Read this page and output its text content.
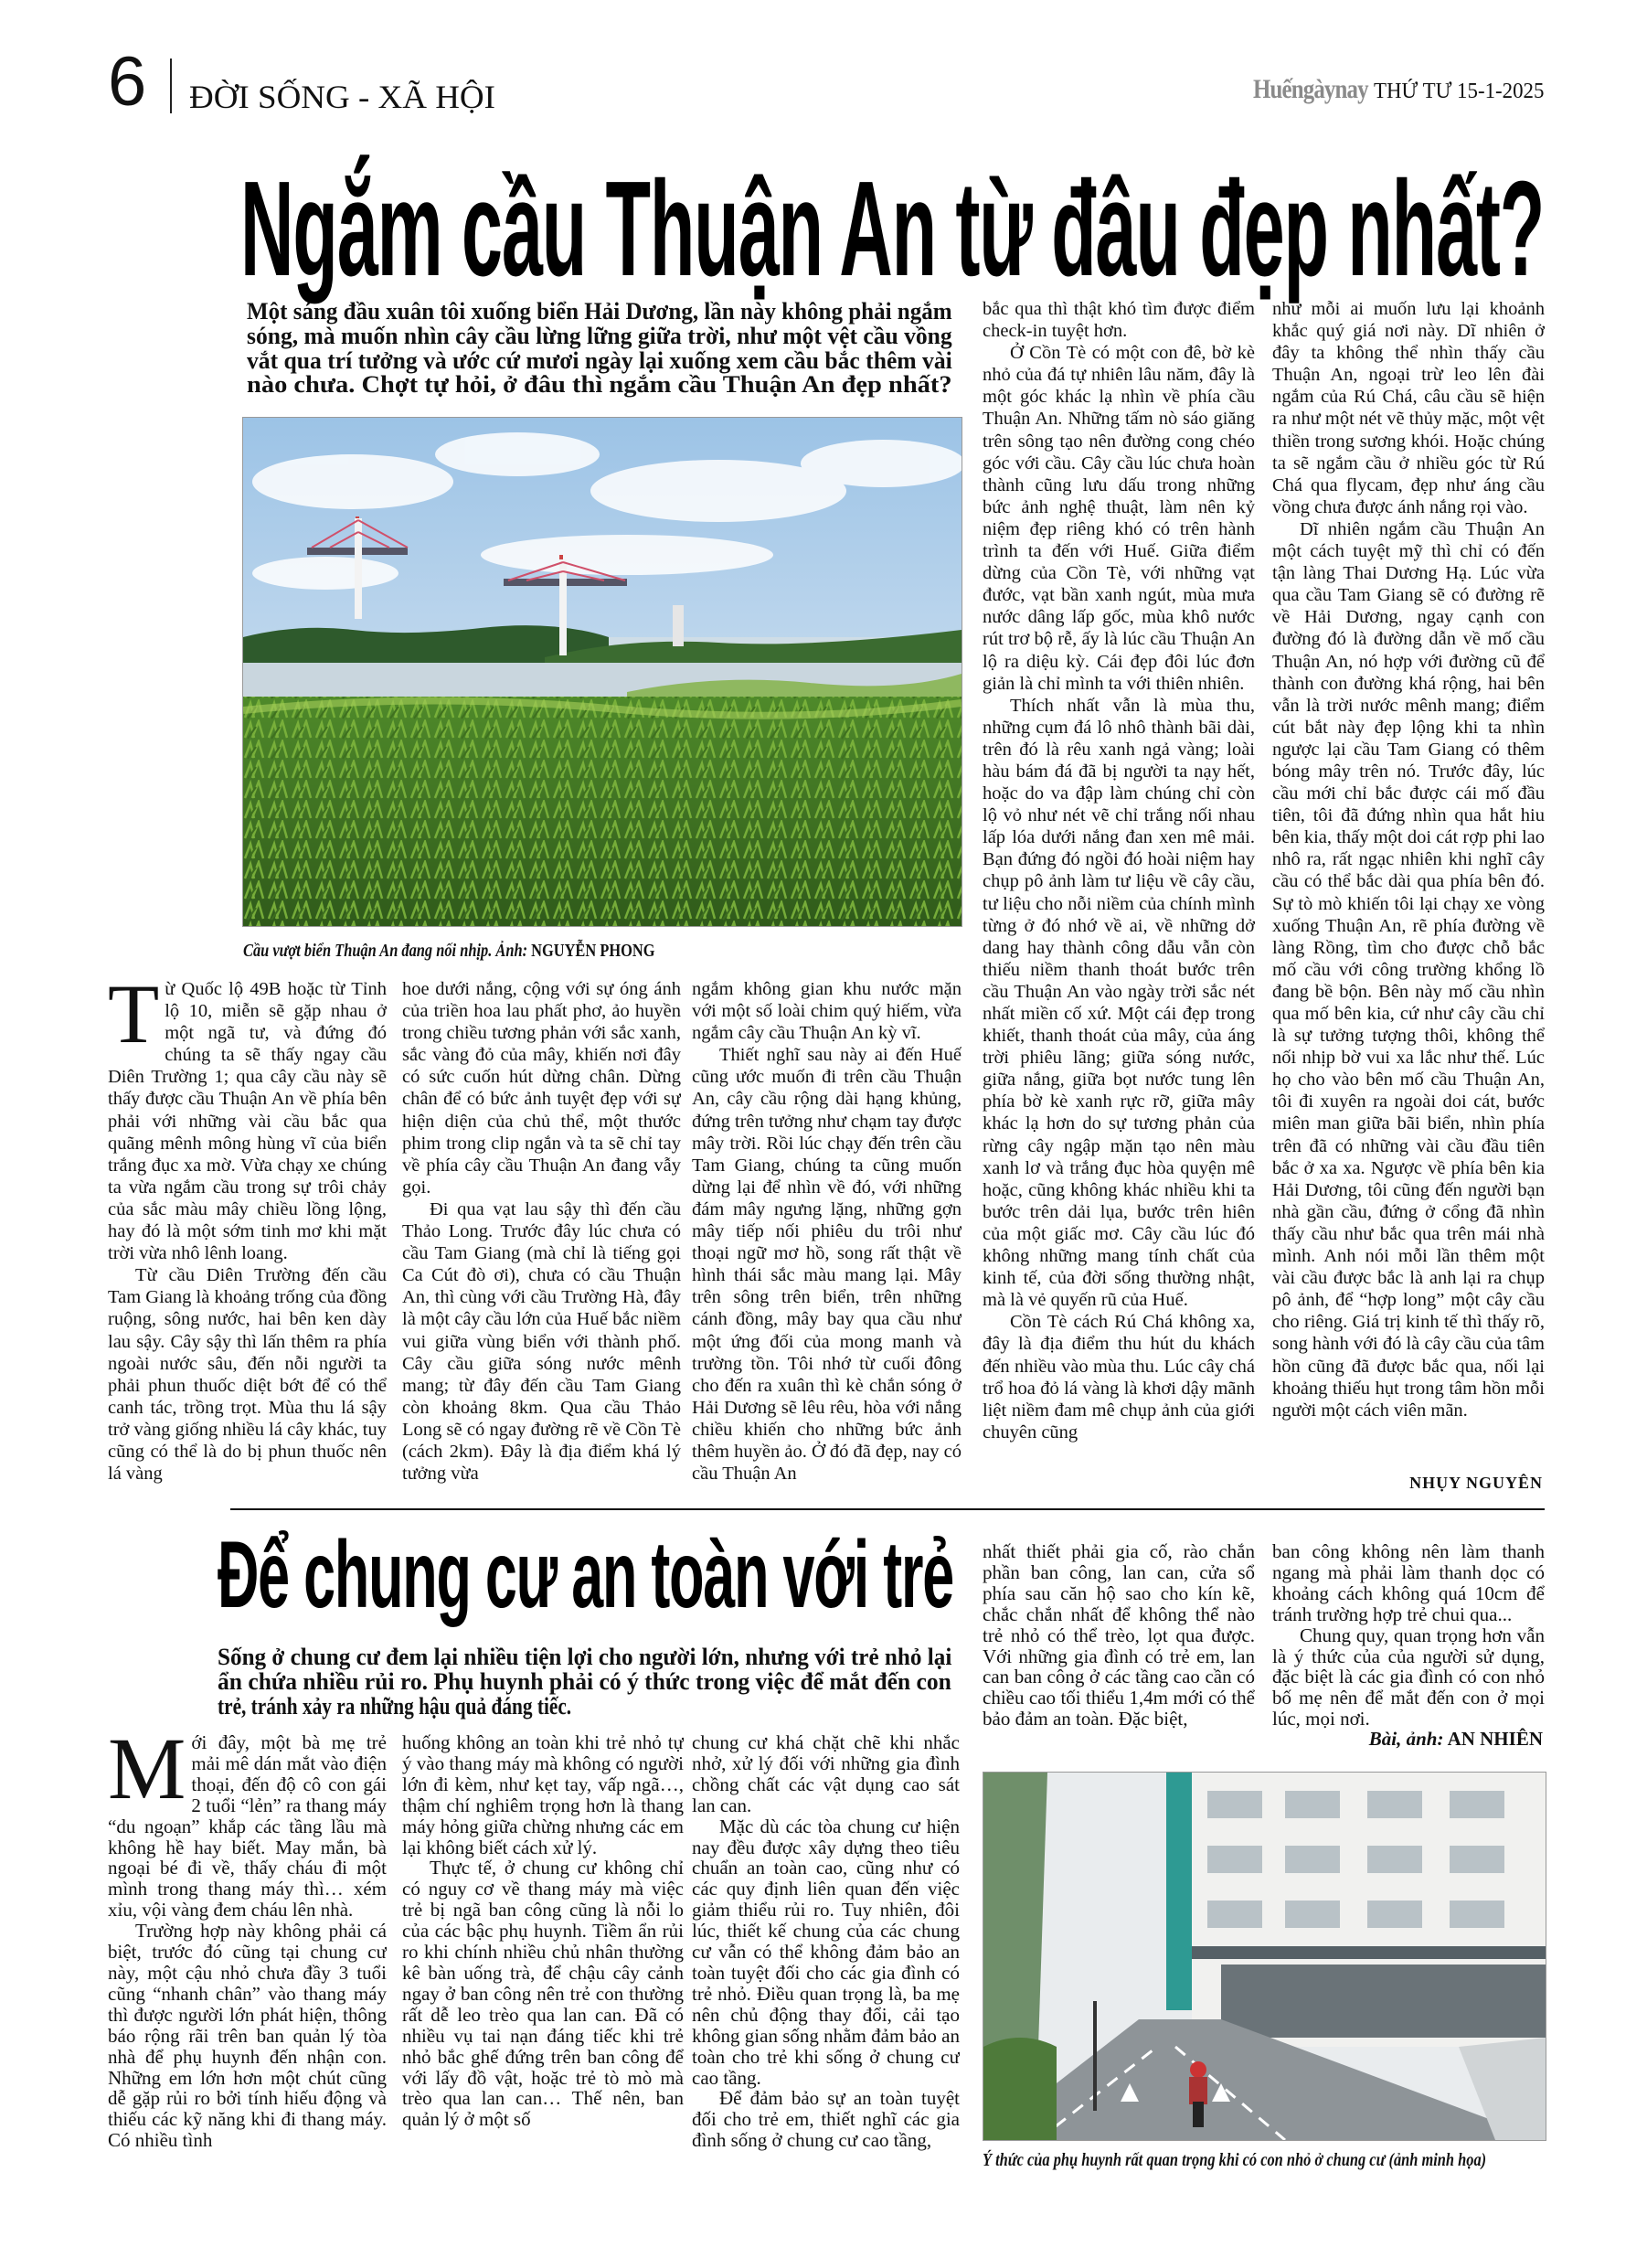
6 ĐỜI SỐNG - XÃ HỘI	Huếngàynay THỨ TƯ 15-1-2025
Ngắm cầu Thuận An từ đâu đẹp nhất?
Một sáng đầu xuân tôi xuống biển Hải Dương, lần này không phải ngắm
sóng, mà muốn nhìn cây cầu lừng lững giữa trời, như một vệt cầu vồng
vắt qua trí tưởng và ước cứ mươi ngày lại xuống xem cầu bắc thêm vài
nào chưa. Chợt tự hỏi, ở đâu thì ngắm cầu Thuận An đẹp nhất?
Cầu vượt biển Thuận An đang nối nhịp. Ảnh: NGUYỄN PHONG
T ừ Quốc lộ 49B hoặc từ Tỉnh lộ 10, miễn sẽ gặp nhau ở một ngã tư, và đứng đó chúng ta sẽ thấy ngay cầu Diên Trường 1; qua cây cầu này sẽ thấy được cầu Thuận An về phía bên phải với những vài cầu bắc qua quãng mênh mông hùng vĩ của biển trắng đục xa mờ. Vừa chạy xe chúng ta vừa ngắm cầu trong sự trôi chảy của sắc màu mây chiều lồng lộng, hay đó là một sớm tinh mơ khi mặt trời vừa nhô lênh loang.

Từ cầu Diên Trường đến cầu Tam Giang là khoảng trống của đồng ruộng, sông nước, hai bên ken dày lau sậy. Cây sậy thì lấn thêm ra phía ngoài nước sâu, đến nỗi người ta phải phun thuốc diệt bớt để có thể canh tác, trồng trọt. Mùa thu lá sậy trở vàng giống nhiều lá cây khác, tuy cũng có thể là do bị phun thuốc nên lá vàng

hoe dưới nắng, cộng với sự óng ánh của triền hoa lau phất phơ, ảo huyền trong chiều tương phản với sắc xanh, sắc vàng đỏ của mây, khiến nơi đây có sức cuốn hút dừng chân. Dừng chân để có bức ảnh tuyệt đẹp với sự hiện diện của chủ thể, một thước phim trong clip ngắn và ta sẽ chỉ tay về phía cây cầu Thuận An đang vẫy gọi.

Đi qua vạt lau sậy thì đến cầu Thảo Long. Trước đây lúc chưa có cầu Tam Giang (mà chỉ là tiếng gọi Ca Cút đò ơi), chưa có cầu Thuận An, thì cùng với cầu Trường Hà, đây là một cây cầu lớn của Huế bắc niềm vui giữa vùng biển với thành phố. Cây cầu giữa sóng nước mênh mang; từ đây đến cầu Tam Giang còn khoảng 8km. Qua cầu Thảo Long sẽ có ngay đường rẽ về Cồn Tè (cách 2km). Đây là địa điểm khá lý tưởng vừa

ngắm không gian khu nước mặn với một số loài chim quý hiếm, vừa ngắm cây cầu Thuận An kỳ vĩ.

Thiết nghĩ sau này ai đến Huế cũng ước muốn đi trên cầu Thuận An, cây cầu rộng dài hạng khủng, đứng trên tưởng như chạm tay được mây trời. Rồi lúc chạy đến trên cầu Tam Giang, chúng ta cũng muốn dừng lại để nhìn về đó, với những đám mây ngưng lặng, những gợn mây tiếp nối phiêu du trôi như thoại ngữ mơ hồ, song rất thật về hình thái sắc màu mang lại. Mây trên sông trên biển, trên những cánh đồng, mây bay qua cầu như một ứng đối của mong manh và trường tồn. Tôi nhớ từ cuối đông cho đến ra xuân thì kè chắn sóng ở Hải Dương sẽ lêu rêu, hòa với nắng chiều khiến cho những bức ảnh thêm huyền ảo. Ở đó đã đẹp, nay có cầu Thuận An

bắc qua thì thật khó tìm được điểm check-in tuyệt hơn.

Ở Cồn Tè có một con đê, bờ kè nhỏ của đá tự nhiên lâu năm, đây là một góc khác lạ nhìn về phía cầu Thuận An. Những tấm nò sáo giăng trên sông tạo nên đường cong chéo góc với cầu. Cây cầu lúc chưa hoàn thành cũng lưu dấu trong những bức ảnh nghệ thuật, làm nên kỷ niệm đẹp riêng khó có trên hành trình ta đến với Huế. Giữa điểm dừng của Cồn Tè, với những vạt đước, vạt bần xanh ngút, mùa mưa nước dâng lấp gốc, mùa khô nước rút trơ bộ rễ, ấy là lúc cầu Thuận An lộ ra diệu kỳ. Cái đẹp đôi lúc đơn giản là chỉ mình ta với thiên nhiên.

Thích nhất vẫn là mùa thu, những cụm đá lô nhô thành bãi dài, trên đó là rêu xanh ngả vàng; loài hàu bám đá đã bị người ta nạy hết, hoặc do va đập làm chúng chỉ còn lộ vỏ như nét vẽ chỉ trắng nối nhau lấp lóa dưới nắng đan xen mê mải. Bạn đứng đó ngồi đó hoài niệm hay chụp pô ảnh làm tư liệu về cây cầu, tư liệu cho nỗi niềm của chính mình từng ở đó nhớ về ai, về những dở dang hay thành công dẫu vẫn còn thiếu niềm thanh thoát bước trên cầu Thuận An vào ngày trời sắc nét nhất miền cố xứ. Một cái đẹp trong khiết, thanh thoát của mây, của áng trời phiêu lãng; giữa sóng nước, giữa nắng, giữa bọt nước tung lên phía bờ kè xanh rực rỡ, giữa mây khác lạ hơn do sự tương phản của rừng cây ngập mặn tạo nên màu xanh lơ và trắng đục hòa quyện mê hoặc, cũng không khác nhiều khi ta bước trên dải lụa, bước trên hiên của một giấc mơ. Cây cầu lúc đó không những mang tính chất của kinh tế, của đời sống thường nhật, mà là vẻ quyến rũ của Huế.

Cồn Tè cách Rú Chá không xa, đây là địa điểm thu hút du khách đến nhiều vào mùa thu. Lúc cây chá trổ hoa đỏ lá vàng là khơi dậy mãnh liệt niềm đam mê chụp ảnh của giới chuyên cũng

như mỗi ai muốn lưu lại khoảnh khắc quý giá nơi này. Dĩ nhiên ở đây ta không thể nhìn thấy cầu Thuận An, ngoại trừ leo lên đài ngắm của Rú Chá, câu cầu sẽ hiện ra như một nét vẽ thủy mặc, một vệt thiền trong sương khói. Hoặc chúng ta sẽ ngắm cầu ở nhiều góc từ Rú Chá qua flycam, đẹp như áng cầu vồng chưa được ánh nắng rọi vào.

Dĩ nhiên ngắm cầu Thuận An một cách tuyệt mỹ thì chỉ có đến tận làng Thai Dương Hạ. Lúc vừa qua cầu Tam Giang sẽ có đường rẽ về Hải Dương, ngay cạnh con đường đó là đường dẫn về mố cầu Thuận An, nó hợp với đường cũ để thành con đường khá rộng, hai bên vẫn là trời nước mênh mang; điểm cút bắt này đẹp lộng khi ta nhìn ngược lại cầu Tam Giang có thêm bóng mây trên nó. Trước đây, lúc cầu mới chỉ bắc được cái mố đầu tiên, tôi đã đứng nhìn qua hắt hiu bên kia, thấy một doi cát rợp phi lao nhô ra, rất ngạc nhiên khi nghĩ cây cầu có thể bắc dài qua phía bên đó. Sự tò mò khiến tôi lại chạy xe vòng xuống Thuận An, rẽ phía đường về làng Rồng, tìm cho được chỗ bắc mố cầu với công trường khổng lồ đang bề bộn. Bên này mố cầu nhìn qua mố bên kia, cứ như cây cầu chỉ là sự tưởng tượng thôi, không thể nối nhịp bờ vui xa lắc như thế. Lúc họ cho vào bên mố cầu Thuận An, tôi đi xuyên ra ngoài doi cát, bước miên man giữa bãi biển, nhìn phía trên đã có những vài cầu đầu tiên bắc ở xa xa. Ngược về phía bên kia Hải Dương, tôi cũng đến người bạn nhà gần cầu, đứng ở cổng đã nhìn thấy cầu như bắc qua trên mái nhà mình. Anh nói mỗi lần thêm một vài cầu được bắc là anh lại ra chụp pô ảnh, để “hợp long” một cây cầu cho riêng. Giá trị kinh tế thì thấy rõ, song hành với đó là cây cầu của tâm hồn cũng đã được bắc qua, nối lại khoảng thiếu hụt trong tâm hồn mỗi người một cách viên mãn.

NHỤY NGUYÊN
Để chung cư an toàn với trẻ
Sống ở chung cư đem lại nhiều tiện lợi cho người lớn, nhưng với trẻ nhỏ lại
ẩn chứa nhiều rủi ro. Phụ huynh phải có ý thức trong việc để mắt đến con
trẻ, tránh xảy ra những hậu quả đáng tiếc.
M ới đây, một bà mẹ trẻ mải mê dán mắt vào điện thoại, đến độ cô con gái 2 tuổi “lẻn” ra thang máy “du ngoạn” khắp các tầng lầu mà không hề hay biết. May mắn, bà ngoại bé đi về, thấy cháu đi một mình trong thang máy thì… xém xỉu, vội vàng đem cháu lên nhà.

Trường hợp này không phải cá biệt, trước đó cũng tại chung cư này, một cậu nhỏ chưa đầy 3 tuổi cũng “nhanh chân” vào thang máy thì được người lớn phát hiện, thông báo rộng rãi trên ban quản lý tòa nhà để phụ huynh đến nhận con. Những em lớn hơn một chút cũng dễ gặp rủi ro bởi tính hiếu động và thiếu các kỹ năng khi đi thang máy. Có nhiều tình

huống không an toàn khi trẻ nhỏ tự ý vào thang máy mà không có người lớn đi kèm, như kẹt tay, vấp ngã…, thậm chí nghiêm trọng hơn là thang máy hỏng giữa chừng nhưng các em lại không biết cách xử lý.

Thực tế, ở chung cư không chỉ có nguy cơ về thang máy mà việc trẻ bị ngã ban công cũng là nỗi lo của các bậc phụ huynh. Tiềm ẩn rủi ro khi chính nhiều chủ nhân thường kê bàn uống trà, để chậu cây cảnh ngay ở ban công nên trẻ con thường rất dễ leo trèo qua lan can. Đã có nhiều vụ tai nạn đáng tiếc khi trẻ nhỏ bắc ghế đứng trên ban công để với lấy đồ vật, hoặc trẻ tò mò mà trèo qua lan can… Thế nên, ban quản lý ở một số

chung cư khá chặt chẽ khi nhắc nhở, xử lý đối với những gia đình chồng chất các vật dụng cao sát lan can.

Mặc dù các tòa chung cư hiện nay đều được xây dựng theo tiêu chuẩn an toàn cao, cũng như có các quy định liên quan đến việc giảm thiểu rủi ro. Tuy nhiên, đôi lúc, thiết kế chung của các chung cư vẫn có thể không đảm bảo an toàn tuyệt đối cho các gia đình có trẻ nhỏ. Điều quan trọng là, ba mẹ nên chủ động thay đổi, cải tạo không gian sống nhằm đảm bảo an toàn cho trẻ khi sống ở chung cư cao tầng.

Để đảm bảo sự an toàn tuyệt đối cho trẻ em, thiết nghĩ các gia đình sống ở chung cư cao tầng,

nhất thiết phải gia cố, rào chắn phần ban công, lan can, cửa sổ phía sau căn hộ sao cho kín kẽ, chắc chắn nhất để không thể nào trẻ nhỏ có thể trèo, lọt qua được. Với những gia đình có trẻ em, lan can ban công ở các tầng cao cần có chiều cao tối thiểu 1,4m mới có thể bảo đảm an toàn. Đặc biệt,

ban công không nên làm thanh ngang mà phải làm thanh dọc có khoảng cách không quá 10cm để tránh trường hợp trẻ chui qua...

Chung quy, quan trọng hơn vẫn là ý thức của của người sử dụng, đặc biệt là các gia đình có con nhỏ bố mẹ nên để mắt đến con ở mọi lúc, mọi nơi.

Bài, ảnh: AN NHIÊN
Ý thức của phụ huynh rất quan trọng khi có con nhỏ ở chung cư (ảnh minh họa)
